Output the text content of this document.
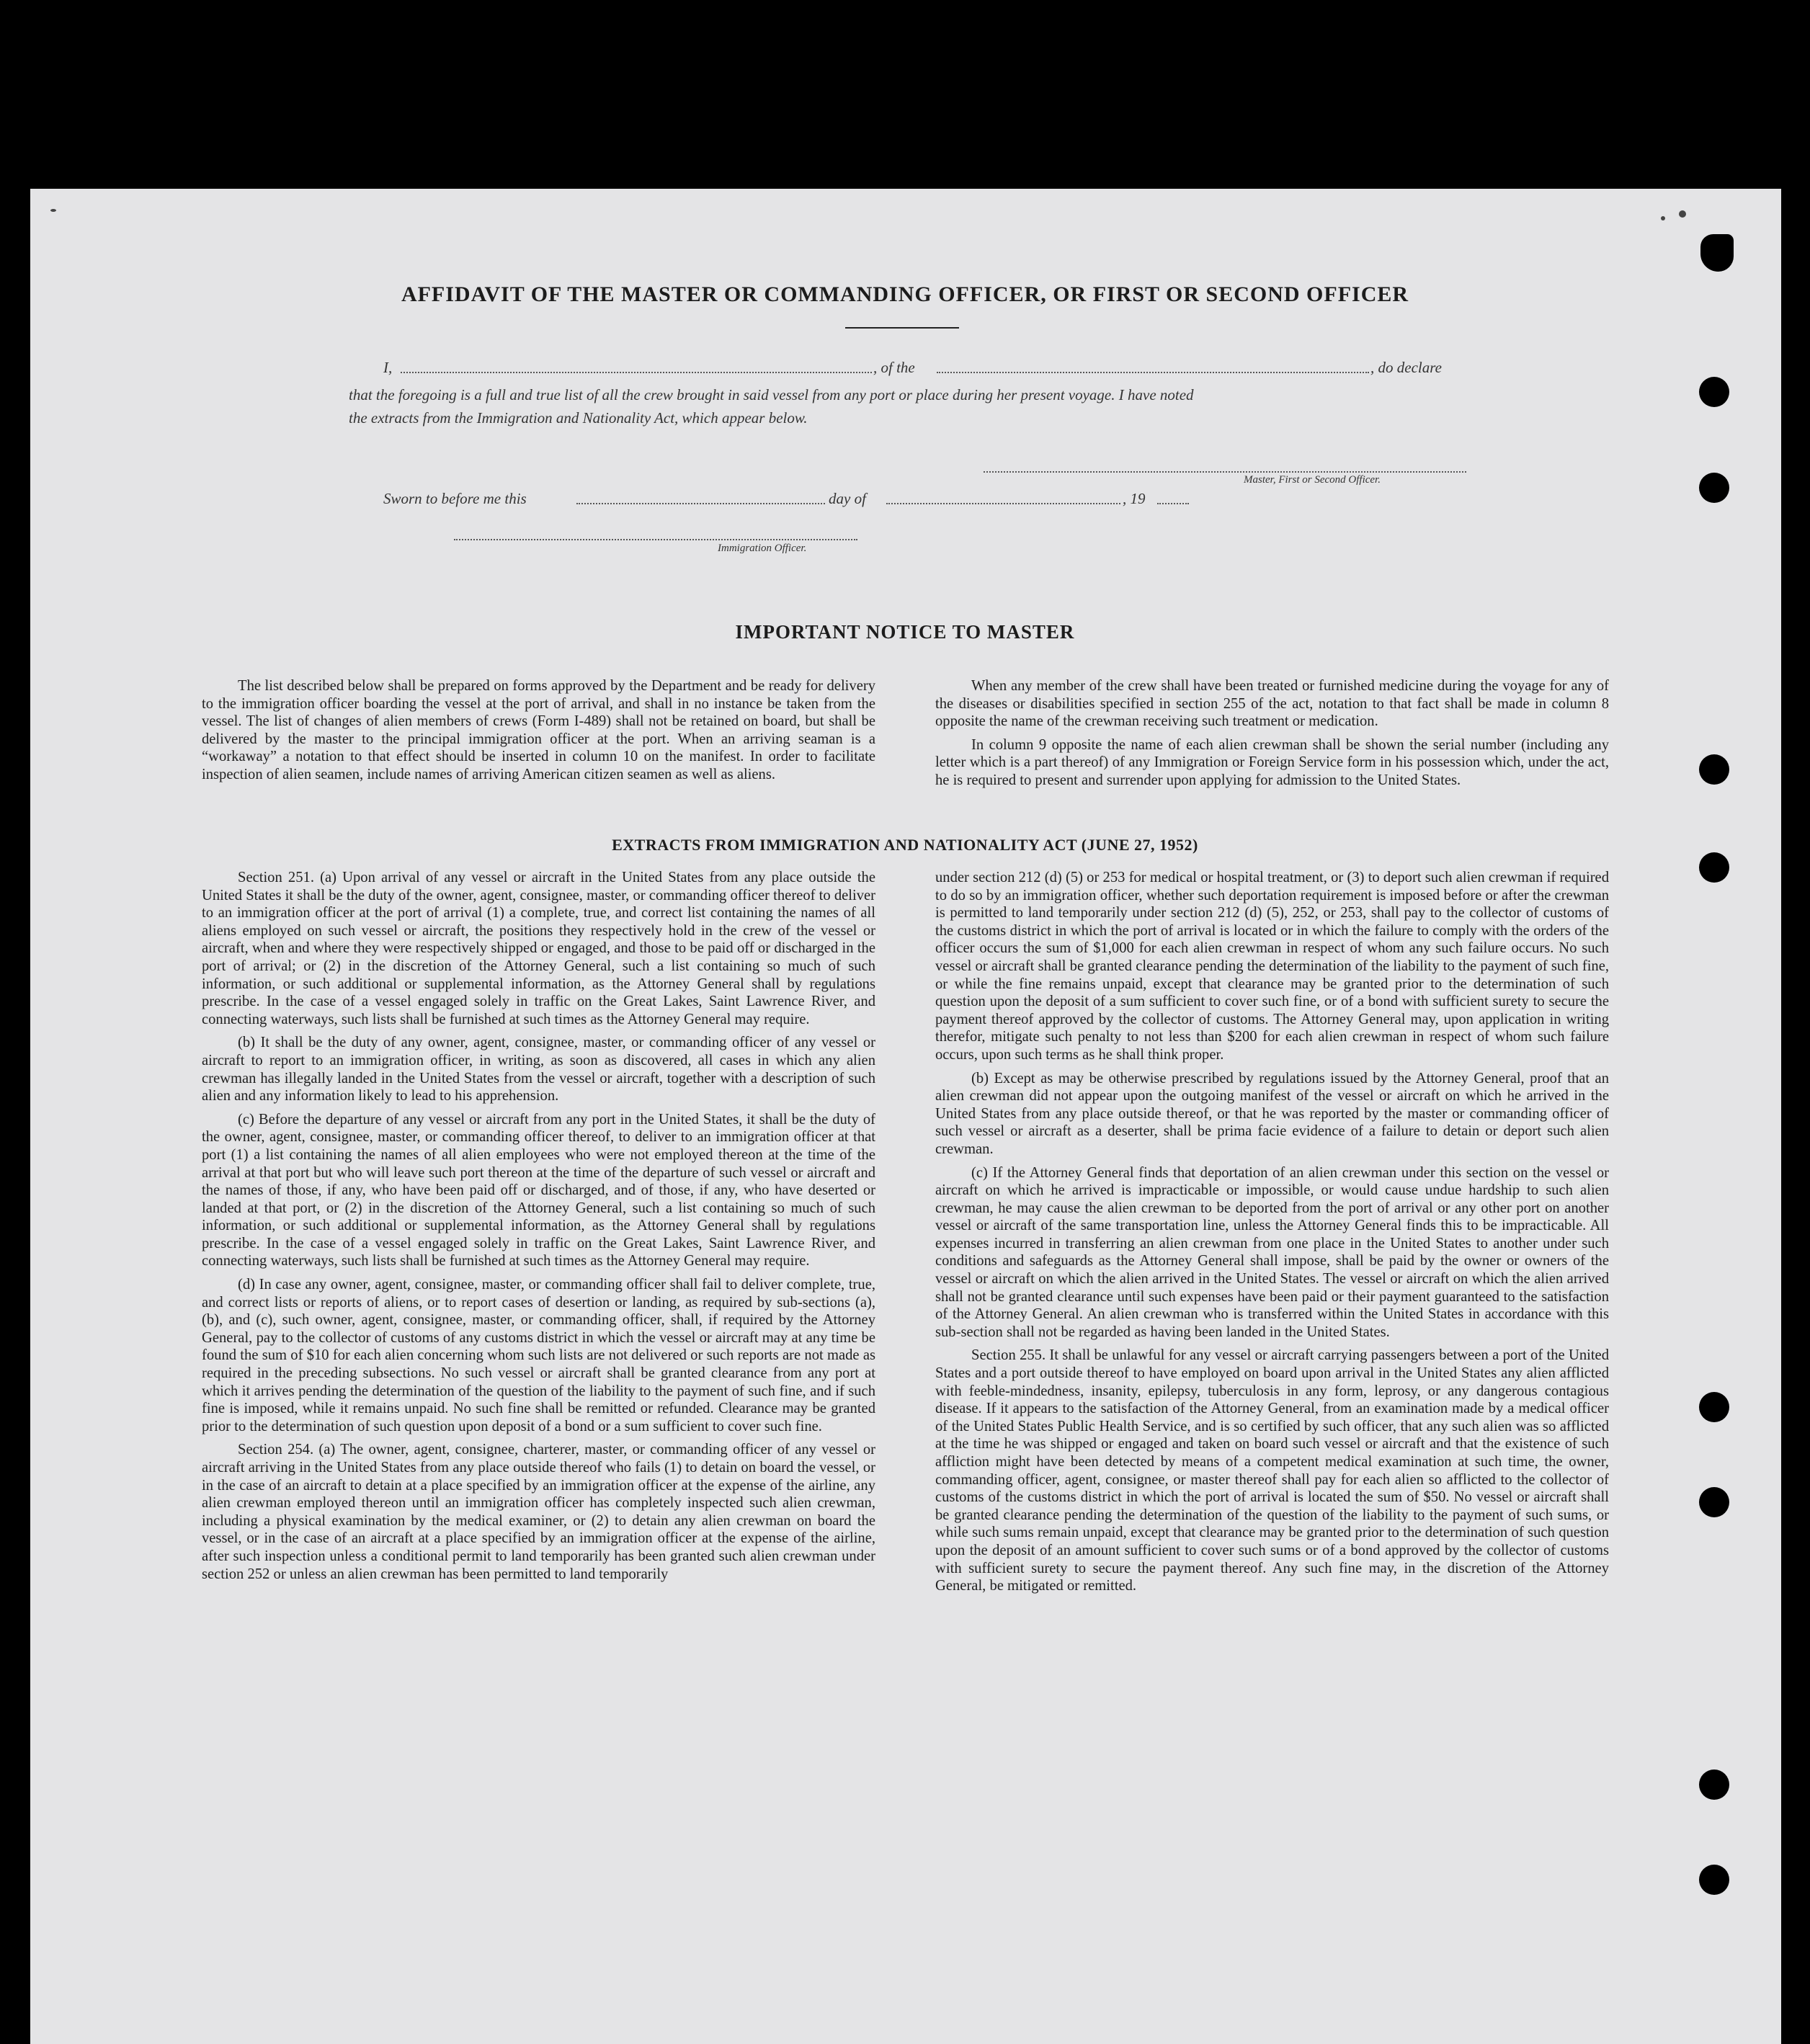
AFFIDAVIT OF THE MASTER OR COMMANDING OFFICER, OR FIRST OR SECOND OFFICER
I,	, of the	, do declare
that the foregoing is a full and true list of all the crew brought in said vessel from any port or place during her present voyage. I have noted
the extracts from the Immigration and Nationality Act, which appear below.
Master, First or Second Officer.
Sworn to before me this	day of	, 19
Immigration Officer.
IMPORTANT NOTICE TO MASTER

The list described below shall be prepared on forms approved by the Department and be ready for delivery to the immigration officer boarding the vessel at the port of arrival, and shall in no instance be taken from the vessel. The list of changes of alien members of crews (Form I-489) shall not be retained on board, but shall be delivered by the master to the principal immigration officer at the port. When an arriving seaman is a “workaway” a notation to that effect should be inserted in column 10 on the manifest. In order to facilitate inspection of alien seamen, include names of arriving American citizen seamen as well as aliens.

When any member of the crew shall have been treated or furnished medicine during the voyage for any of the diseases or disabilities specified in section 255 of the act, notation to that fact shall be made in column 8 opposite the name of the crewman receiving such treatment or medication.

In column 9 opposite the name of each alien crewman shall be shown the serial number (including any letter which is a part thereof) of any Immigration or Foreign Service form in his possession which, under the act, he is required to present and surrender upon applying for admission to the United States.

EXTRACTS FROM IMMIGRATION AND NATIONALITY ACT (JUNE 27, 1952)

Section 251. (a) Upon arrival of any vessel or aircraft in the United States from any place outside the United States it shall be the duty of the owner, agent, consignee, master, or commanding officer thereof to deliver to an immigration officer at the port of arrival (1) a complete, true, and correct list containing the names of all aliens employed on such vessel or aircraft, the positions they respectively hold in the crew of the vessel or aircraft, when and where they were respectively shipped or engaged, and those to be paid off or discharged in the port of arrival; or (2) in the discretion of the Attorney General, such a list containing so much of such information, or such additional or supplemental information, as the Attorney General shall by regulations prescribe. In the case of a vessel engaged solely in traffic on the Great Lakes, Saint Lawrence River, and connecting waterways, such lists shall be furnished at such times as the Attorney General may require.

(b) It shall be the duty of any owner, agent, consignee, master, or commanding officer of any vessel or aircraft to report to an immigration officer, in writing, as soon as discovered, all cases in which any alien crewman has illegally landed in the United States from the vessel or aircraft, together with a description of such alien and any information likely to lead to his apprehension.

(c) Before the departure of any vessel or aircraft from any port in the United States, it shall be the duty of the owner, agent, consignee, master, or commanding officer thereof, to deliver to an immigration officer at that port (1) a list containing the names of all alien employees who were not employed thereon at the time of the arrival at that port but who will leave such port thereon at the time of the departure of such vessel or aircraft and the names of those, if any, who have been paid off or discharged, and of those, if any, who have deserted or landed at that port, or (2) in the discretion of the Attorney General, such a list containing so much of such information, or such additional or supplemental information, as the Attorney General shall by regulations prescribe. In the case of a vessel engaged solely in traffic on the Great Lakes, Saint Lawrence River, and connecting waterways, such lists shall be furnished at such times as the Attorney General may require.

(d) In case any owner, agent, consignee, master, or commanding officer shall fail to deliver complete, true, and correct lists or reports of aliens, or to report cases of desertion or landing, as required by sub-sections (a), (b), and (c), such owner, agent, consignee, master, or commanding officer, shall, if required by the Attorney General, pay to the collector of customs of any customs district in which the vessel or aircraft may at any time be found the sum of $10 for each alien concerning whom such lists are not delivered or such reports are not made as required in the preceding subsections. No such vessel or aircraft shall be granted clearance from any port at which it arrives pending the determination of the question of the liability to the payment of such fine, and if such fine is imposed, while it remains unpaid. No such fine shall be remitted or refunded. Clearance may be granted prior to the determination of such question upon deposit of a bond or a sum sufficient to cover such fine.

Section 254. (a) The owner, agent, consignee, charterer, master, or commanding officer of any vessel or aircraft arriving in the United States from any place outside thereof who fails (1) to detain on board the vessel, or in the case of an aircraft to detain at a place specified by an immigration officer at the expense of the airline, any alien crewman employed thereon until an immigration officer has completely inspected such alien crewman, including a physical examination by the medical examiner, or (2) to detain any alien crewman on board the vessel, or in the case of an aircraft at a place specified by an immigration officer at the expense of the airline, after such inspection unless a conditional permit to land temporarily has been granted such alien crewman under section 252 or unless an alien crewman has been permitted to land temporarily

under section 212 (d) (5) or 253 for medical or hospital treatment, or (3) to deport such alien crewman if required to do so by an immigration officer, whether such deportation requirement is imposed before or after the crewman is permitted to land temporarily under section 212 (d) (5), 252, or 253, shall pay to the collector of customs of the customs district in which the port of arrival is located or in which the failure to comply with the orders of the officer occurs the sum of $1,000 for each alien crewman in respect of whom any such failure occurs. No such vessel or aircraft shall be granted clearance pending the determination of the liability to the payment of such fine, or while the fine remains unpaid, except that clearance may be granted prior to the determination of such question upon the deposit of a sum sufficient to cover such fine, or of a bond with sufficient surety to secure the payment thereof approved by the collector of customs. The Attorney General may, upon application in writing therefor, mitigate such penalty to not less than $200 for each alien crewman in respect of whom such failure occurs, upon such terms as he shall think proper.

(b) Except as may be otherwise prescribed by regulations issued by the Attorney General, proof that an alien crewman did not appear upon the outgoing manifest of the vessel or aircraft on which he arrived in the United States from any place outside thereof, or that he was reported by the master or commanding officer of such vessel or aircraft as a deserter, shall be prima facie evidence of a failure to detain or deport such alien crewman.

(c) If the Attorney General finds that deportation of an alien crewman under this section on the vessel or aircraft on which he arrived is impracticable or impossible, or would cause undue hardship to such alien crewman, he may cause the alien crewman to be deported from the port of arrival or any other port on another vessel or aircraft of the same transportation line, unless the Attorney General finds this to be impracticable. All expenses incurred in transferring an alien crewman from one place in the United States to another under such conditions and safeguards as the Attorney General shall impose, shall be paid by the owner or owners of the vessel or aircraft on which the alien arrived in the United States. The vessel or aircraft on which the alien arrived shall not be granted clearance until such expenses have been paid or their payment guaranteed to the satisfaction of the Attorney General. An alien crewman who is transferred within the United States in accordance with this sub-section shall not be regarded as having been landed in the United States.

Section 255. It shall be unlawful for any vessel or aircraft carrying passengers between a port of the United States and a port outside thereof to have employed on board upon arrival in the United States any alien afflicted with feeble-mindedness, insanity, epilepsy, tuberculosis in any form, leprosy, or any dangerous contagious disease. If it appears to the satisfaction of the Attorney General, from an examination made by a medical officer of the United States Public Health Service, and is so certified by such officer, that any such alien was so afflicted at the time he was shipped or engaged and taken on board such vessel or aircraft and that the existence of such affliction might have been detected by means of a competent medical examination at such time, the owner, commanding officer, agent, consignee, or master thereof shall pay for each alien so afflicted to the collector of customs of the customs district in which the port of arrival is located the sum of $50. No vessel or aircraft shall be granted clearance pending the determination of the question of the liability to the payment of such sums, or while such sums remain unpaid, except that clearance may be granted prior to the determination of such question upon the deposit of an amount sufficient to cover such sums or of a bond approved by the collector of customs with sufficient surety to secure the payment thereof. Any such fine may, in the discretion of the Attorney General, be mitigated or remitted.
